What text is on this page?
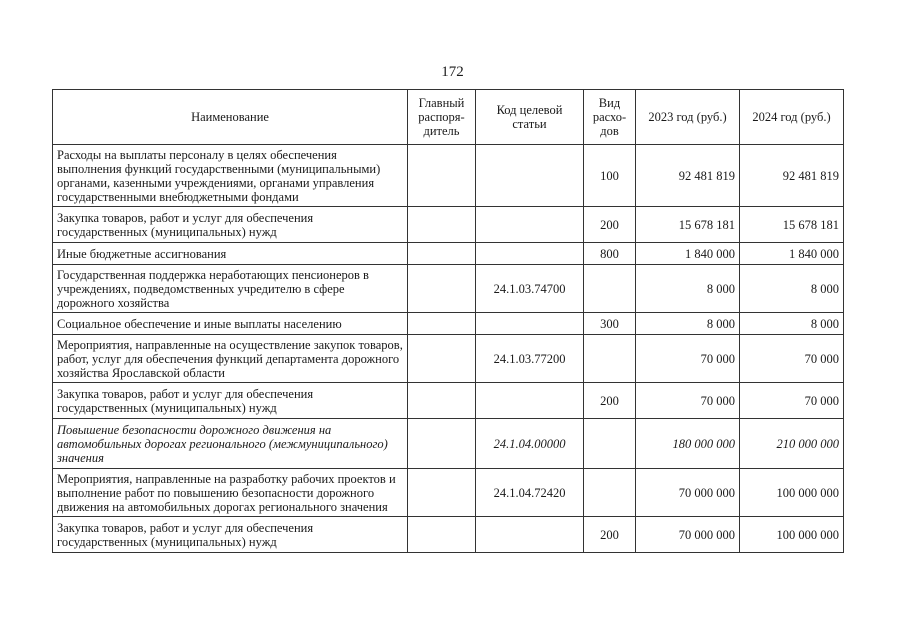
172
Наименование	Главный распоря-дитель	Код целевой статьи	Вид расхо-дов	2023 год (руб.)	2024 год (руб.)
Расходы на выплаты персоналу в целях обеспечения выполнения функций государственными (муниципальными) органами, казенными учреждениями, органами управления государственными внебюджетными фондами			100	92 481 819	92 481 819
Закупка товаров, работ и услуг для обеспечения государственных (муниципальных) нужд			200	15 678 181	15 678 181
Иные бюджетные ассигнования			800	1 840 000	1 840 000
Государственная поддержка неработающих пенсионеров в учреждениях, подведомственных учредителю в сфере дорожного хозяйства		24.1.03.74700		8 000	8 000
Социальное обеспечение и иные выплаты населению			300	8 000	8 000
Мероприятия, направленные на осуществление закупок товаров, работ, услуг для обеспечения функций департамента дорожного хозяйства Ярославской области		24.1.03.77200		70 000	70 000
Закупка товаров, работ и услуг для обеспечения государственных (муниципальных) нужд			200	70 000	70 000
Повышение безопасности дорожного движения на автомобильных дорогах регионального (межмуниципального) значения		24.1.04.00000		180 000 000	210 000 000
Мероприятия, направленные на разработку рабочих проектов и выполнение работ по повышению безопасности дорожного движения на автомобильных дорогах регионального значения		24.1.04.72420		70 000 000	100 000 000
Закупка товаров, работ и услуг для обеспечения государственных (муниципальных) нужд			200	70 000 000	100 000 000
